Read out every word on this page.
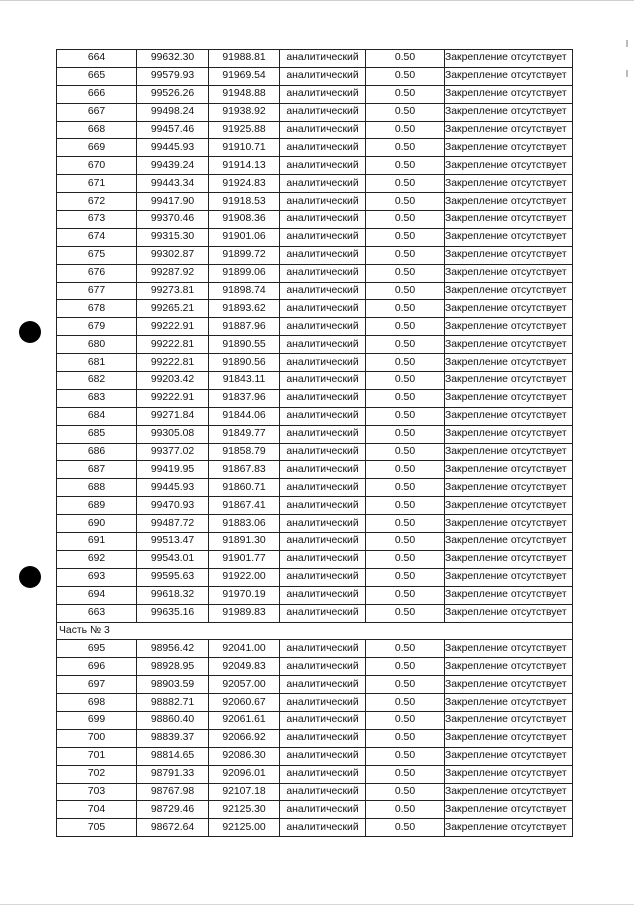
664	99632.30	91988.81	аналитический	0.50	Закрепление отсутствует
665	99579.93	91969.54	аналитический	0.50	Закрепление отсутствует
666	99526.26	91948.88	аналитический	0.50	Закрепление отсутствует
667	99498.24	91938.92	аналитический	0.50	Закрепление отсутствует
668	99457.46	91925.88	аналитический	0.50	Закрепление отсутствует
669	99445.93	91910.71	аналитический	0.50	Закрепление отсутствует
670	99439.24	91914.13	аналитический	0.50	Закрепление отсутствует
671	99443.34	91924.83	аналитический	0.50	Закрепление отсутствует
672	99417.90	91918.53	аналитический	0.50	Закрепление отсутствует
673	99370.46	91908.36	аналитический	0.50	Закрепление отсутствует
674	99315.30	91901.06	аналитический	0.50	Закрепление отсутствует
675	99302.87	91899.72	аналитический	0.50	Закрепление отсутствует
676	99287.92	91899.06	аналитический	0.50	Закрепление отсутствует
677	99273.81	91898.74	аналитический	0.50	Закрепление отсутствует
678	99265.21	91893.62	аналитический	0.50	Закрепление отсутствует
679	99222.91	91887.96	аналитический	0.50	Закрепление отсутствует
680	99222.81	91890.55	аналитический	0.50	Закрепление отсутствует
681	99222.81	91890.56	аналитический	0.50	Закрепление отсутствует
682	99203.42	91843.11	аналитический	0.50	Закрепление отсутствует
683	99222.91	91837.96	аналитический	0.50	Закрепление отсутствует
684	99271.84	91844.06	аналитический	0.50	Закрепление отсутствует
685	99305.08	91849.77	аналитический	0.50	Закрепление отсутствует
686	99377.02	91858.79	аналитический	0.50	Закрепление отсутствует
687	99419.95	91867.83	аналитический	0.50	Закрепление отсутствует
688	99445.93	91860.71	аналитический	0.50	Закрепление отсутствует
689	99470.93	91867.41	аналитический	0.50	Закрепление отсутствует
690	99487.72	91883.06	аналитический	0.50	Закрепление отсутствует
691	99513.47	91891.30	аналитический	0.50	Закрепление отсутствует
692	99543.01	91901.77	аналитический	0.50	Закрепление отсутствует
693	99595.63	91922.00	аналитический	0.50	Закрепление отсутствует
694	99618.32	91970.19	аналитический	0.50	Закрепление отсутствует
663	99635.16	91989.83	аналитический	0.50	Закрепление отсутствует
Часть № 3					
695	98956.42	92041.00	аналитический	0.50	Закрепление отсутствует
696	98928.95	92049.83	аналитический	0.50	Закрепление отсутствует
697	98903.59	92057.00	аналитический	0.50	Закрепление отсутствует
698	98882.71	92060.67	аналитический	0.50	Закрепление отсутствует
699	98860.40	92061.61	аналитический	0.50	Закрепление отсутствует
700	98839.37	92066.92	аналитический	0.50	Закрепление отсутствует
701	98814.65	92086.30	аналитический	0.50	Закрепление отсутствует
702	98791.33	92096.01	аналитический	0.50	Закрепление отсутствует
703	98767.98	92107.18	аналитический	0.50	Закрепление отсутствует
704	98729.46	92125.30	аналитический	0.50	Закрепление отсутствует
705	98672.64	92125.00	аналитический	0.50	Закрепление отсутствует
